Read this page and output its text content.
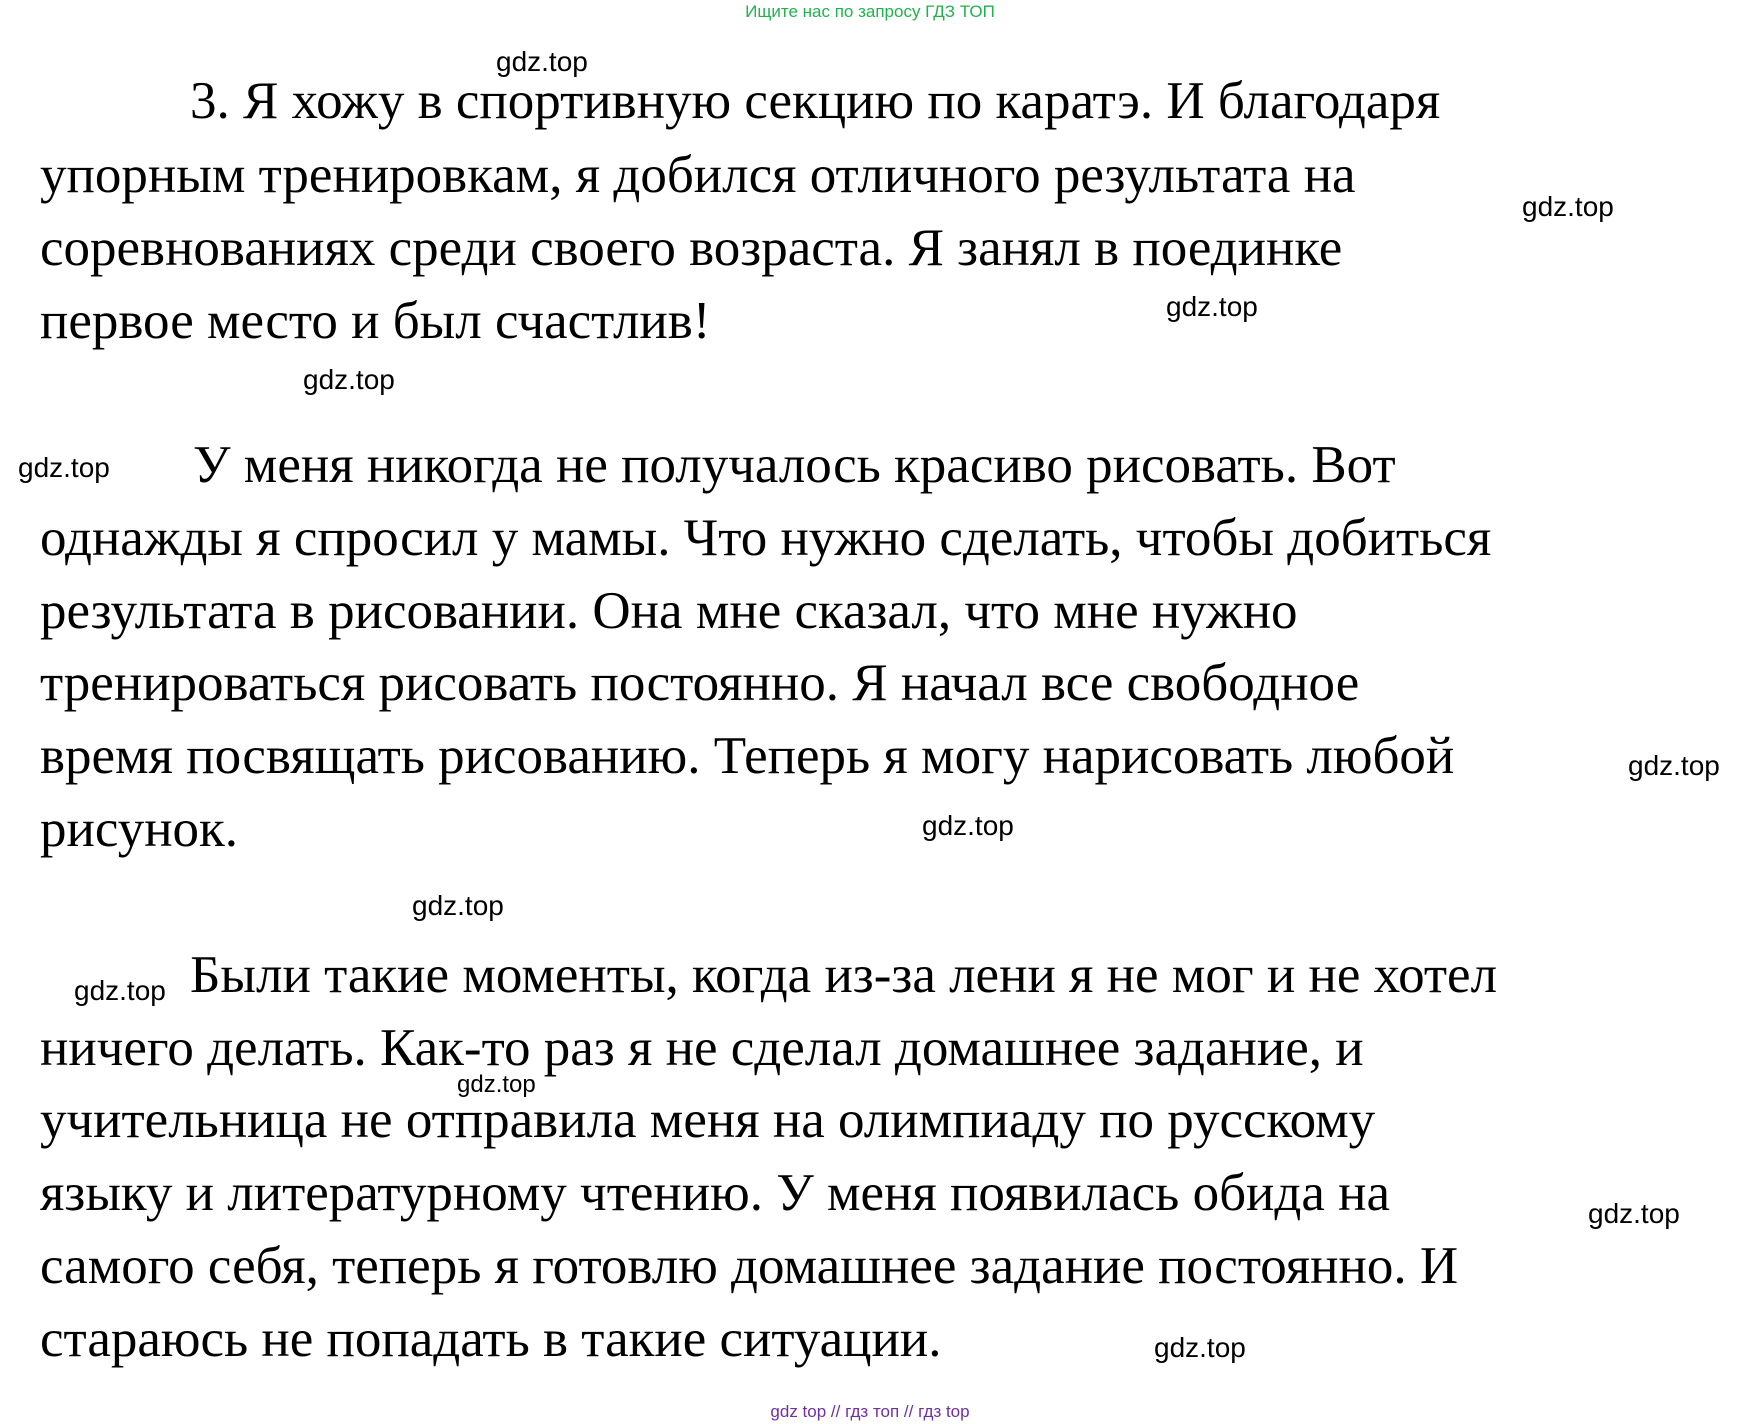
Ищите нас по запросу ГДЗ ТОП
3. Я хожу в спортивную секцию по каратэ. И благодаря
упорным тренировкам, я добился отличного результата на
соревнованиях среди своего возраста. Я занял в поединке
первое место и был счастлив!
У меня никогда не получалось красиво рисовать. Вот
однажды я спросил у мамы. Что нужно сделать, чтобы добиться
результата в рисовании. Она мне сказал, что мне нужно
тренироваться рисовать постоянно. Я начал все свободное
время посвящать рисованию. Теперь я могу нарисовать любой
рисунок.
Были такие моменты, когда из-за лени я не мог и не хотел
ничего делать. Как-то раз я не сделал домашнее задание, и
учительница не отправила меня на олимпиаду по русскому
языку и литературному чтению. У меня появилась обида на
самого себя, теперь я готовлю домашнее задание постоянно. И
стараюсь не попадать в такие ситуации.
gdz.top
gdz.top
gdz.top
gdz.top
gdz.top
gdz.top
gdz.top
gdz.top
gdz.top
gdz.top
gdz.top
gdz.top
gdz top // гдз топ // гдз top
